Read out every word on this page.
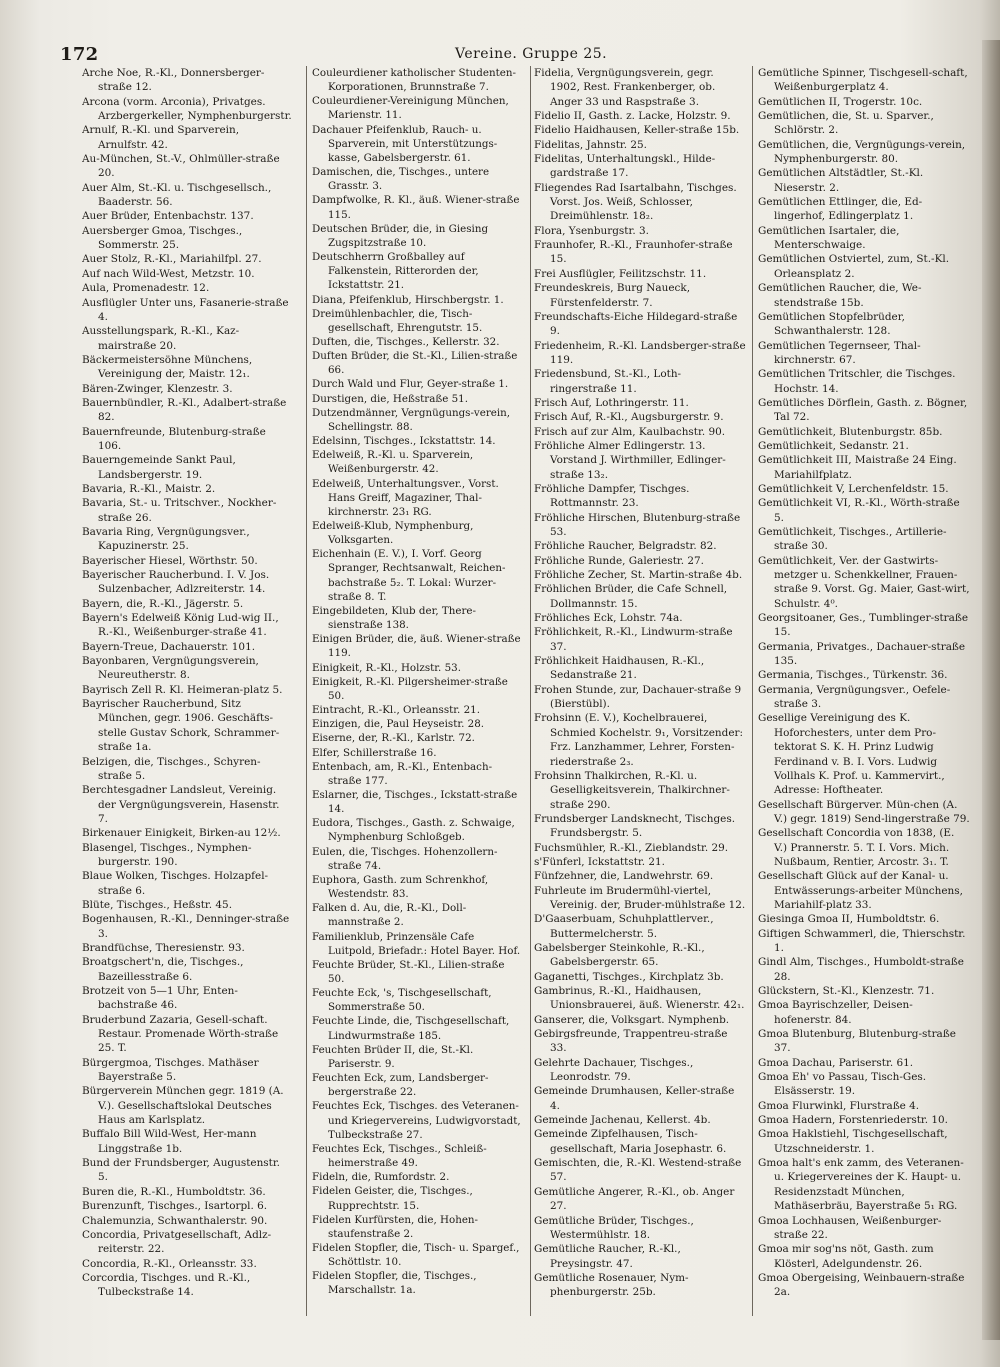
172	Vereine. Gruppe 25.

Arche Noe, R.-Kl., Donnersberger-straße 12.

Arcona (vorm. Arconia), Privatges. Arzbergerkeller, Nymphenburgerstr.

Arnulf, R.-Kl. und Sparverein, Arnulfstr. 42.

Au-München, St.-V., Ohlmüller-straße 20.

Auer Alm, St.-Kl. u. Tischgesellsch., Baaderstr. 56.

Auer Brüder, Entenbachstr. 137.

Auersberger Gmoa, Tischges., Sommerstr. 25.

Auer Stolz, R.-Kl., Mariahilfpl. 27.

Auf nach Wild-West, Metzstr. 10.

Aula, Promenadestr. 12.

Ausflügler Unter uns, Fasanerie-straße 4.

Ausstellungspark, R.-Kl., Kaz-mairstraße 20.

Bäckermeistersöhne Münchens, Vereinigung der, Maistr. 12₁.

Bären-Zwinger, Klenzestr. 3.

Bauernbündler, R.-Kl., Adalbert-straße 82.

Bauernfreunde, Blutenburg-straße 106.

Bauerngemeinde Sankt Paul, Landsbergerstr. 19.

Bavaria, R.-Kl., Maistr. 2.

Bavaria, St.- u. Tritschver., Nockher-straße 26.

Bavaria Ring, Vergnügungsver., Kapuzinerstr. 25.

Bayerischer Hiesel, Wörthstr. 50.

Bayerischer Raucherbund. I. V. Jos. Sulzenbacher, Adlzreiterstr. 14.

Bayern, die, R.-Kl., Jägerstr. 5.

Bayern's Edelweiß König Lud-wig II., R.-Kl., Weißenburger-straße 41.

Bayern-Treue, Dachauerstr. 101.

Bayonbaren, Vergnügungsverein, Neureutherstr. 8.

Bayrisch Zell R. Kl. Heimeran-platz 5.

Bayrischer Raucherbund, Sitz München, gegr. 1906. Geschäfts-stelle Gustav Schork, Schrammer-straße 1a.

Belzigen, die, Tischges., Schyren-straße 5.

Berchtesgadner Landsleut, Vereinig. der Vergnügungsverein, Hasenstr. 7.

Birkenauer Einigkeit, Birken-au 12½.

Blasengel, Tischges., Nymphen-burgerstr. 190.

Blaue Wolken, Tischges. Holzapfel-straße 6.

Blüte, Tischges., Heßstr. 45.

Bogenhausen, R.-Kl., Denninger-straße 3.

Brandfüchse, Theresienstr. 93.

Broatgschert'n, die, Tischges., Bazeillesstraße 6.

Brotzeit von 5—1 Uhr, Enten-bachstraße 46.

Bruderbund Zazaria, Gesell-schaft. Restaur. Promenade Wörth-straße 25. T.

Bürgergmoa, Tischges. Mathäser Bayerstraße 5.

Bürgerverein München gegr. 1819 (A. V.). Gesellschaftslokal Deutsches Haus am Karlsplatz.

Buffalo Bill Wild-West, Her-mann Linggstraße 1b.

Bund der Frundsberger, Augustenstr. 5.

Buren die, R.-Kl., Humboldtstr. 36.

Burenzunft, Tischges., Isartorpl. 6.

Chalemunzia, Schwanthalerstr. 90.

Concordia, Privatgesellschaft, Adlz-reiterstr. 22.

Concordia, R.-Kl., Orleansstr. 33.

Corcordia, Tischges. und R.-Kl., Tulbeckstraße 14.

Couleurdiener katholischer Studenten-Korporationen, Brunnstraße 7.

Couleurdiener-Vereinigung München, Marienstr. 11.

Dachauer Pfeifenklub, Rauch- u. Sparverein, mit Unterstützungs-kasse, Gabelsbergerstr. 61.

Damischen, die, Tischges., untere Grasstr. 3.

Dampfwolke, R. Kl., äuß. Wiener-straße 115.

Deutschen Brüder, die, in Giesing Zugspitzstraße 10.

Deutschherrn Großballey auf Falkenstein, Ritterorden der, Ickstattstr. 21.

Diana, Pfeifenklub, Hirschbergstr. 1.

Dreimühlenbachler, die, Tisch-gesellschaft, Ehrengutstr. 15.

Duften, die, Tischges., Kellerstr. 32.

Duften Brüder, die St.-Kl., Lilien-straße 66.

Durch Wald und Flur, Geyer-straße 1.

Durstigen, die, Heßstraße 51.

Dutzendmänner, Vergnügungs-verein, Schellingstr. 88.

Edelsinn, Tischges., Ickstattstr. 14.

Edelweiß, R.-Kl. u. Sparverein, Weißenburgerstr. 42.

Edelweiß, Unterhaltungsver., Vorst. Hans Greiff, Magaziner, Thal-kirchnerstr. 23₁ RG.

Edelweiß-Klub, Nymphenburg, Volksgarten.

Eichenhain (E. V.), I. Vorf. Georg Spranger, Rechtsanwalt, Reichen-bachstraße 5₂. T. Lokal: Wurzer-straße 8. T.

Eingebildeten, Klub der, There-sienstraße 138.

Einigen Brüder, die, äuß. Wiener-straße 119.

Einigkeit, R.-Kl., Holzstr. 53.

Einigkeit, R.-Kl. Pilgersheimer-straße 50.

Eintracht, R.-Kl., Orleansstr. 21.

Einzigen, die, Paul Heyseistr. 28.

Eiserne, der, R.-Kl., Karlstr. 72.

Elfer, Schillerstraße 16.

Entenbach, am, R.-Kl., Entenbach-straße 177.

Eslarner, die, Tischges., Ickstatt-straße 14.

Eudora, Tischges., Gasth. z. Schwaige, Nymphenburg Schloßgeb.

Eulen, die, Tischges. Hohenzollern-straße 74.

Euphora, Gasth. zum Schrenkhof, Westendstr. 83.

Falken d. Au, die, R.-Kl., Doll-mannstraße 2.

Familienklub, Prinzensäle Cafe Luitpold, Briefadr.: Hotel Bayer. Hof.

Feuchte Brüder, St.-Kl., Lilien-straße 50.

Feuchte Eck, 's, Tischgesellschaft, Sommerstraße 50.

Feuchte Linde, die, Tischgesellschaft, Lindwurmstraße 185.

Feuchten Brüder II, die, St.-Kl. Pariserstr. 9.

Feuchten Eck, zum, Landsberger-bergerstraße 22.

Feuchtes Eck, Tischges. des Veteranen- und Kriegervereins, Ludwigvorstadt, Tulbeckstraße 27.

Feuchtes Eck, Tischges., Schleiß-heimerstraße 49.

Fideln, die, Rumfordstr. 2.

Fidelen Geister, die, Tischges., Rupprechtstr. 15.

Fidelen Kurfürsten, die, Hohen-staufenstraße 2.

Fidelen Stopfler, die, Tisch- u. Spargef., Schöttlstr. 10.

Fidelen Stopfler, die, Tischges., Marschallstr. 1a.

Fidelia, Vergnügungsverein, gegr. 1902, Rest. Frankenberger, ob. Anger 33 und Raspstraße 3.

Fidelio II, Gasth. z. Lacke, Holzstr. 9.

Fidelio Haidhausen, Keller-straße 15b.

Fidelitas, Jahnstr. 25.

Fidelitas, Unterhaltungskl., Hilde-gardstraße 17.

Fliegendes Rad Isartalbahn, Tischges. Vorst. Jos. Weiß, Schlosser, Dreimühlenstr. 18₂.

Flora, Ysenburgstr. 3.

Fraunhofer, R.-Kl., Fraunhofer-straße 15.

Frei Ausflügler, Feilitzschstr. 11.

Freundeskreis, Burg Naueck, Fürstenfelderstr. 7.

Freundschafts-Eiche Hildegard-straße 9.

Friedenheim, R.-Kl. Landsberger-straße 119.

Friedensbund, St.-Kl., Loth-ringerstraße 11.

Frisch Auf, Lothringerstr. 11.

Frisch Auf, R.-Kl., Augsburgerstr. 9.

Frisch auf zur Alm, Kaulbachstr. 90.

Fröhliche Almer Edlingerstr. 13. Vorstand J. Wirthmiller, Edlinger-straße 13₂.

Fröhliche Dampfer, Tischges. Rottmannstr. 23.

Fröhliche Hirschen, Blutenburg-straße 53.

Fröhliche Raucher, Belgradstr. 82.

Fröhliche Runde, Galeriestr. 27.

Fröhliche Zecher, St. Martin-straße 4b.

Fröhlichen Brüder, die Cafe Schnell, Dollmannstr. 15.

Fröhliches Eck, Lohstr. 74a.

Fröhlichkeit, R.-Kl., Lindwurm-straße 37.

Fröhlichkeit Haidhausen, R.-Kl., Sedanstraße 21.

Frohen Stunde, zur, Dachauer-straße 9 (Bierstübl).

Frohsinn (E. V.), Kochelbrauerei, Schmied Kochelstr. 9₁, Vorsitzender: Frz. Lanzhammer, Lehrer, Forsten-riederstraße 2₃.

Frohsinn Thalkirchen, R.-Kl. u. Geselligkeitsverein, Thalkirchner-straße 290.

Frundsberger Landsknecht, Tischges. Frundsbergstr. 5.

Fuchsmühler, R.-Kl., Zieblandstr. 29.

s'Fünferl, Ickstattstr. 21.

Fünfzehner, die, Landwehrstr. 69.

Fuhrleute im Brudermühl-viertel, Vereinig. der, Bruder-mühlstraße 12.

D'Gaaserbuam, Schuhplattlerver., Buttermelcherstr. 5.

Gabelsberger Steinkohle, R.-Kl., Gabelsbergerstr. 65.

Gaganetti, Tischges., Kirchplatz 3b.

Gambrinus, R.-Kl., Haidhausen, Unionsbrauerei, äuß. Wienerstr. 42₁.

Ganserer, die, Volksgart. Nymphenb.

Gebirgsfreunde, Trappentreu-straße 33.

Gelehrte Dachauer, Tischges., Leonrodstr. 79.

Gemeinde Drumhausen, Keller-straße 4.

Gemeinde Jachenau, Kellerst. 4b.

Gemeinde Zipfelhausen, Tisch-gesellschaft, Maria Josephastr. 6.

Gemischten, die, R.-Kl. Westend-straße 57.

Gemütliche Angerer, R.-Kl., ob. Anger 27.

Gemütliche Brüder, Tischges., Westermühlstr. 18.

Gemütliche Raucher, R.-Kl., Preysingstr. 47.

Gemütliche Rosenauer, Nym-phenburgerstr. 25b.

Gemütliche Spinner, Tischgesell-schaft, Weißenburgerplatz 4.

Gemütlichen II, Trogerstr. 10c.

Gemütlichen, die, St. u. Sparver., Schlörstr. 2.

Gemütlichen, die, Vergnügungs-verein, Nymphenburgerstr. 80.

Gemütlichen Altstädtler, St.-Kl. Nieserstr. 2.

Gemütlichen Ettlinger, die, Ed-lingerhof, Edlingerplatz 1.

Gemütlichen Isartaler, die, Menterschwaige.

Gemütlichen Ostviertel, zum, St.-Kl. Orleansplatz 2.

Gemütlichen Raucher, die, We-stendstraße 15b.

Gemütlichen Stopfelbrüder, Schwanthalerstr. 128.

Gemütlichen Tegernseer, Thal-kirchnerstr. 67.

Gemütlichen Tritschler, die Tischges. Hochstr. 14.

Gemütliches Dörflein, Gasth. z. Bögner, Tal 72.

Gemütlichkeit, Blutenburgstr. 85b.

Gemütlichkeit, Sedanstr. 21.

Gemütlichkeit III, Maistraße 24 Eing. Mariahilfplatz.

Gemütlichkeit V, Lerchenfeldstr. 15.

Gemütlichkeit VI, R.-Kl., Wörth-straße 5.

Gemütlichkeit, Tischges., Artillerie-straße 30.

Gemütlichkeit, Ver. der Gastwirts-metzger u. Schenkkellner, Frauen-straße 9. Vorst. Gg. Maier, Gast-wirt, Schulstr. 4⁰.

Georgsitoaner, Ges., Tumblinger-straße 15.

Germania, Privatges., Dachauer-straße 135.

Germania, Tischges., Türkenstr. 36.

Germania, Vergnügungsver., Oefele-straße 3.

Gesellige Vereinigung des K. Hoforchesters, unter dem Pro-tektorat S. K. H. Prinz Ludwig Ferdinand v. B. I. Vors. Ludwig Vollhals K. Prof. u. Kammervirt., Adresse: Hoftheater.

Gesellschaft Bürgerver. Mün-chen (A. V.) gegr. 1819) Send-lingerstraße 79.

Gesellschaft Concordia von 1838, (E. V.) Prannerstr. 5. T. I. Vors. Mich. Nußbaum, Rentier, Arcostr. 3₁. T.

Gesellschaft Glück auf der Kanal- u. Entwässerungs-arbeiter Münchens, Mariahilf-platz 33.

Giesinga Gmoa II, Humboldtstr. 6.

Giftigen Schwammerl, die, Thierschstr. 1.

Gindl Alm, Tischges., Humboldt-straße 28.

Glückstern, St.-Kl., Klenzestr. 71.

Gmoa Bayrischzeller, Deisen-hofenerstr. 84.

Gmoa Blutenburg, Blutenburg-straße 37.

Gmoa Dachau, Pariserstr. 61.

Gmoa Eh' vo Passau, Tisch-Ges. Elsässerstr. 19.

Gmoa Flurwinkl, Flurstraße 4.

Gmoa Hadern, Forstenriederstr. 10.

Gmoa Haklstiehl, Tischgesellschaft, Utzschneiderstr. 1.

Gmoa halt's enk zamm, des Veteranen- u. Kriegervereines der K. Haupt- u. Residenzstadt München, Mathäserbräu, Bayerstraße 5₁ RG.

Gmoa Lochhausen, Weißenburger-straße 22.

Gmoa mir sog'ns nöt, Gasth. zum Klösterl, Adelgundenstr. 26.

Gmoa Obergeising, Weinbauern-straße 2a.
